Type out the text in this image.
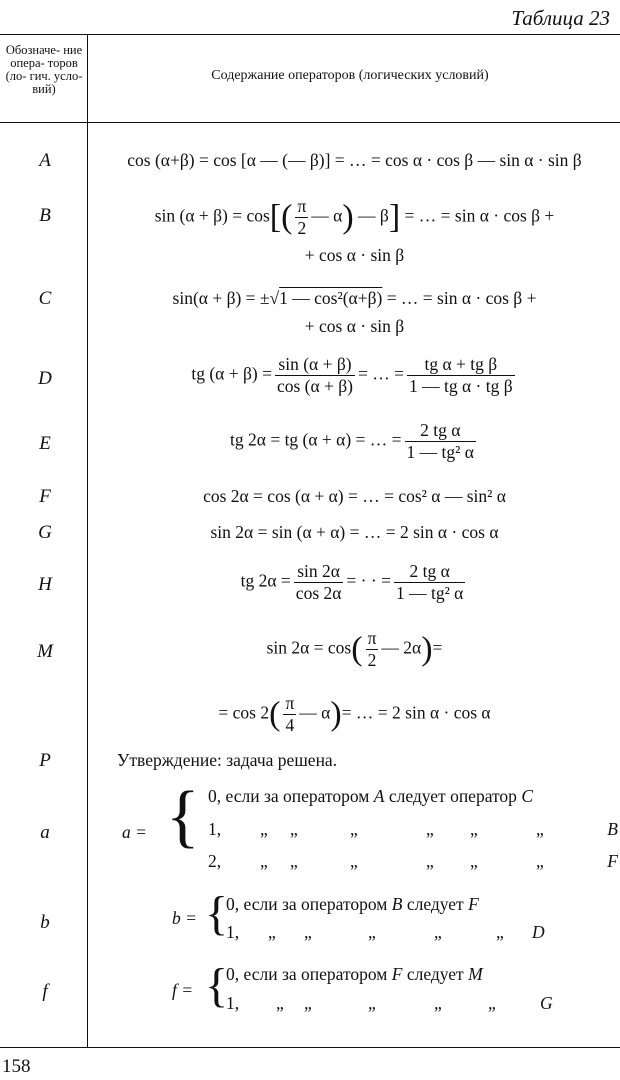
Таблица 23
Обозначе- ние опера- торов (ло- гич. усло- вий)
Содержание операторов (логических условий)
A	cos (α+β) = cos [α — (— β)] = … = cos α · cos β — sin α · sin β
B	$\sin (\alpha + \beta) = \cos[( \frac{\pi}{2}$ — α) — β] = … = sin α · cos β +
+ cos α · sin β
C	sin(α + β) = ±√1 — cos²(α+β) = … = sin α · cos β +
+ cos α · sin β
D	tg $(\alpha + \beta) = \frac{\sin (\alpha + \beta)}{\cos (\alpha + \beta)}$ = … = $\frac{\text{tg α + tg β}}{\text{1 — tg α · tg β}}$
E	tg 2α = tg (α + α) = … = $\frac{\text{2 tg α}}{\text{1 — tg² α}}$
F	cos 2α = cos (α + α) = … = cos² α — sin² α
G	sin 2α = sin (α + α) = … = 2 sin α · cos α
H	tg $2\alpha = \frac{\sin 2\alpha}{\cos 2\alpha}$ = · · = $\frac{\text{2 tg α}}{\text{1 — tg² α}}$
M	$\sin 2\alpha = \cos( \frac{\pi}{2}$ — 2α)=
= $\cos 2( \frac{\pi}{4}$ — α)= … = 2 sin α · cos α
P	Утверждение: задача решена.
a	a = { 0, если за оператором A следует оператор C
1, „ „	„	„ „	„	B
2, „ „	„	„ „	„	F
b	b = {
0, если за оператором B следует F
1, „ „	„	„	„ D
f	f = {
0, если за оператором F следует M
1, „ „	„	„	„	G
158
